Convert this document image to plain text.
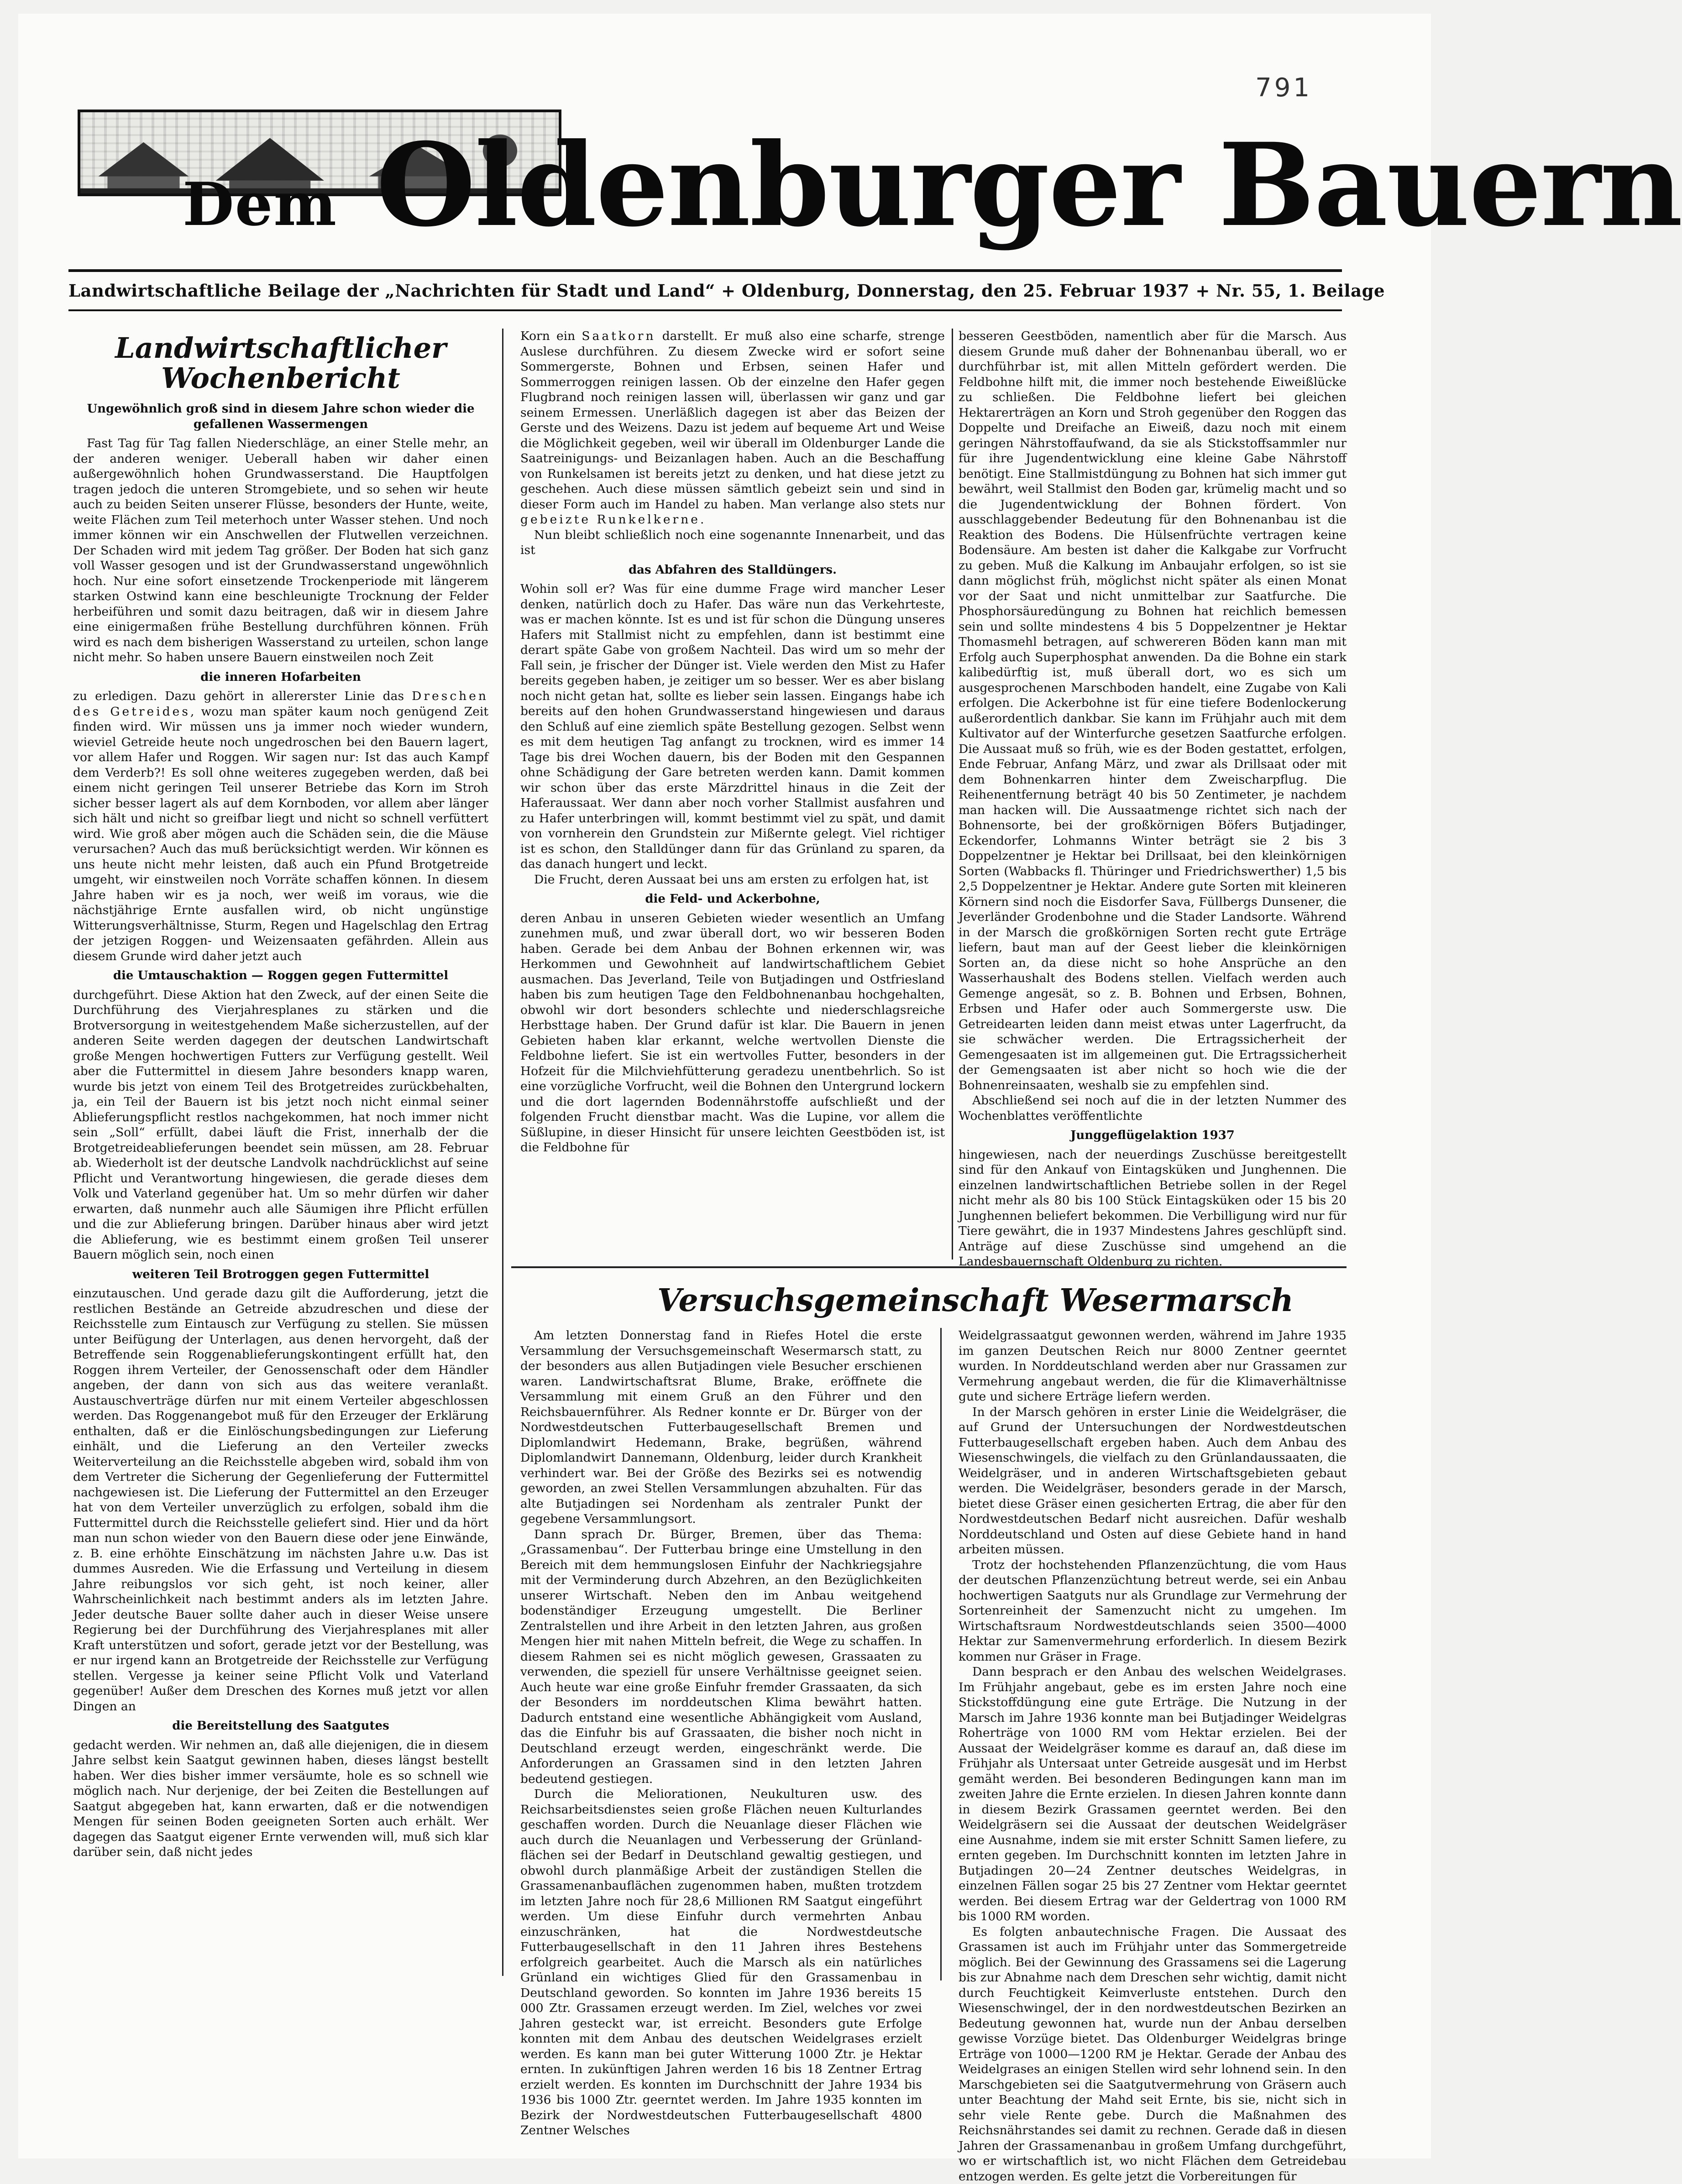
791
Dem Oldenburger Bauern
Landwirtschaftliche Beilage der „Nachrichten für Stadt und Land“ + Oldenburg, Donnerstag, den 25. Februar 1937 + Nr. 55, 1. Beilage
Landwirtschaftlicher Wochenbericht

Ungewöhnlich groß sind in diesem Jahre schon wieder die gefallenen Wassermengen

Fast Tag für Tag fallen Niederschläge, an einer Stelle mehr, an der anderen weniger. Ueberall haben wir daher einen außergewöhnlich hohen Grundwasserstand. Die Hauptfolgen tragen jedoch die unteren Stromgebiete, und so sehen wir heute auch zu beiden Seiten unserer Flüsse, besonders der Hunte, weite, weite Flächen zum Teil meterhoch unter Wasser stehen. Und noch immer können wir ein Anschwellen der Flutwellen verzeichnen. Der Schaden wird mit jedem Tag größer. Der Boden hat sich ganz voll Wasser gesogen und ist der Grundwasserstand ungewöhnlich hoch. Nur eine sofort einsetzende Trockenperiode mit längerem starken Ostwind kann eine beschleunigte Trocknung der Felder herbeiführen und somit dazu beitragen, daß wir in diesem Jahre eine einigermaßen frühe Bestellung durchführen können. Früh wird es nach dem bisherigen Wasserstand zu urteilen, schon lange nicht mehr. So haben unsere Bauern einstweilen noch Zeit

die inneren Hofarbeiten

zu erledigen. Dazu gehört in allererster Linie das Dreschen des Getreides, wozu man später kaum noch genügend Zeit finden wird. Wir müssen uns ja immer noch wieder wundern, wieviel Getreide heute noch ungedroschen bei den Bauern lagert, vor allem Hafer und Roggen. Wir sagen nur: Ist das auch Kampf dem Verderb?! Es soll ohne weiteres zugegeben werden, daß bei einem nicht geringen Teil unserer Betriebe das Korn im Stroh sicher besser lagert als auf dem Kornboden, vor allem aber länger sich hält und nicht so greifbar liegt und nicht so schnell verfüttert wird. Wie groß aber mögen auch die Schäden sein, die die Mäuse verursachen? Auch das muß berücksichtigt werden. Wir können es uns heute nicht mehr leisten, daß auch ein Pfund Brotgetreide umgeht, wir einstweilen noch Vorräte schaffen können. In diesem Jahre haben wir es ja noch, wer weiß im voraus, wie die nächstjährige Ernte ausfallen wird, ob nicht ungünstige Witterungsverhältnisse, Sturm, Regen und Hagelschlag den Ertrag der jetzigen Roggen- und Weizensaaten gefährden. Allein aus diesem Grunde wird daher jetzt auch

die Umtauschaktion — Roggen gegen Futtermittel

durchgeführt. Diese Aktion hat den Zweck, auf der einen Seite die Durchführung des Vierjahresplanes zu stärken und die Brotversorgung in weitestgehendem Maße sicherzustellen, auf der anderen Seite werden dagegen der deutschen Landwirtschaft große Mengen hochwertigen Futters zur Verfügung gestellt. Weil aber die Futtermittel in diesem Jahre besonders knapp waren, wurde bis jetzt von einem Teil des Brotgetreides zurückbehalten, ja, ein Teil der Bauern ist bis jetzt noch nicht einmal seiner Ablieferungspflicht restlos nachgekommen, hat noch immer nicht sein „Soll“ erfüllt, dabei läuft die Frist, innerhalb der die Brotgetreideablieferungen beendet sein müssen, am 28. Februar ab. Wiederholt ist der deutsche Landvolk nachdrücklichst auf seine Pflicht und Verantwortung hingewiesen, die gerade dieses dem Volk und Vaterland gegenüber hat. Um so mehr dürfen wir daher erwarten, daß nunmehr auch alle Säumigen ihre Pflicht erfüllen und die zur Ablieferung bringen. Darüber hinaus aber wird jetzt die Ablieferung, wie es bestimmt einem großen Teil unserer Bauern möglich sein, noch einen

weiteren Teil Brotroggen gegen Futtermittel

einzutauschen. Und gerade dazu gilt die Aufforderung, jetzt die restlichen Bestände an Getreide abzudreschen und diese der Reichsstelle zum Eintausch zur Verfügung zu stellen. Sie müssen unter Beifügung der Unterlagen, aus denen hervorgeht, daß der Betreffende sein Roggenablieferungskontingent erfüllt hat, den Roggen ihrem Verteiler, der Genossenschaft oder dem Händler angeben, der dann von sich aus das weitere veranlaßt. Austauschverträge dürfen nur mit einem Verteiler abgeschlossen werden. Das Roggenangebot muß für den Erzeuger der Erklärung enthalten, daß er die Einlöschungsbedingungen zur Lieferung einhält, und die Lieferung an den Verteiler zwecks Weiterverteilung an die Reichsstelle abgeben wird, sobald ihm von dem Vertreter die Sicherung der Gegenlieferung der Futtermittel nachgewiesen ist. Die Lieferung der Futtermittel an den Erzeuger hat von dem Verteiler unverzüglich zu erfolgen, sobald ihm die Futtermittel durch die Reichsstelle geliefert sind. Hier und da hört man nun schon wieder von den Bauern diese oder jene Einwände, z. B. eine erhöhte Einschätzung im nächsten Jahre u.w. Das ist dummes Ausreden. Wie die Erfassung und Verteilung in diesem Jahre reibungslos vor sich geht, ist noch keiner, aller Wahrscheinlichkeit nach bestimmt anders als im letzten Jahre. Jeder deutsche Bauer sollte daher auch in dieser Weise unsere Regierung bei der Durchführung des Vierjahresplanes mit aller Kraft unterstützen und sofort, gerade jetzt vor der Bestellung, was er nur irgend kann an Brotgetreide der Reichsstelle zur Verfügung stellen. Vergesse ja keiner seine Pflicht Volk und Vaterland gegenüber! Außer dem Dreschen des Kornes muß jetzt vor allen Dingen an

die Bereitstellung des Saatgutes

gedacht werden. Wir nehmen an, daß alle diejenigen, die in diesem Jahre selbst kein Saatgut gewinnen haben, dieses längst bestellt haben. Wer dies bisher immer versäumte, hole es so schnell wie möglich nach. Nur derjenige, der bei Zeiten die Bestellungen auf Saatgut abgegeben hat, kann erwarten, daß er die notwendigen Mengen für seinen Boden geeigneten Sorten auch erhält. Wer dagegen das Saatgut eigener Ernte verwenden will, muß sich klar darüber sein, daß nicht jedes

Korn ein Saatkorn darstellt. Er muß also eine scharfe, strenge Auslese durchführen. Zu diesem Zwecke wird er sofort seine Sommergerste, Bohnen und Erbsen, seinen Hafer und Sommerroggen reinigen lassen. Ob der einzelne den Hafer gegen Flugbrand noch reinigen lassen will, überlassen wir ganz und gar seinem Ermessen. Unerläßlich dagegen ist aber das Beizen der Gerste und des Weizens. Dazu ist jedem auf bequeme Art und Weise die Möglichkeit gegeben, weil wir überall im Oldenburger Lande die Saatreinigungs- und Beizanlagen haben. Auch an die Beschaffung von Runkelsamen ist bereits jetzt zu denken, und hat diese jetzt zu geschehen. Auch diese müssen sämtlich gebeizt sein und sind in dieser Form auch im Handel zu haben. Man verlange also stets nur gebeizte Runkelkerne.

Nun bleibt schließlich noch eine sogenannte Innenarbeit, und das ist

das Abfahren des Stalldüngers.

Wohin soll er? Was für eine dumme Frage wird mancher Leser denken, natürlich doch zu Hafer. Das wäre nun das Verkehrteste, was er machen könnte. Ist es und ist für schon die Düngung unseres Hafers mit Stallmist nicht zu empfehlen, dann ist bestimmt eine derart späte Gabe von großem Nachteil. Das wird um so mehr der Fall sein, je frischer der Dünger ist. Viele werden den Mist zu Hafer bereits gegeben haben, je zeitiger um so besser. Wer es aber bislang noch nicht getan hat, sollte es lieber sein lassen. Eingangs habe ich bereits auf den hohen Grundwasserstand hingewiesen und daraus den Schluß auf eine ziemlich späte Bestellung gezogen. Selbst wenn es mit dem heutigen Tag anfangt zu trocknen, wird es immer 14 Tage bis drei Wochen dauern, bis der Boden mit den Gespannen ohne Schädigung der Gare betreten werden kann. Damit kommen wir schon über das erste Märzdrittel hinaus in die Zeit der Haferaussaat. Wer dann aber noch vorher Stallmist ausfahren und zu Hafer unterbringen will, kommt bestimmt viel zu spät, und damit von vornherein den Grundstein zur Mißernte gelegt. Viel richtiger ist es schon, den Stalldünger dann für das Grünland zu sparen, da das danach hungert und leckt.

Die Frucht, deren Aussaat bei uns am ersten zu erfolgen hat, ist

die Feld- und Ackerbohne,

deren Anbau in unseren Gebieten wieder wesentlich an Umfang zunehmen muß, und zwar überall dort, wo wir besseren Boden haben. Gerade bei dem Anbau der Bohnen erkennen wir, was Herkommen und Gewohnheit auf landwirtschaftlichem Gebiet ausmachen. Das Jeverland, Teile von Butjadingen und Ostfriesland haben bis zum heutigen Tage den Feldbohnenanbau hochgehalten, obwohl wir dort besonders schlechte und niederschlagsreiche Herbsttage haben. Der Grund dafür ist klar. Die Bauern in jenen Gebieten haben klar erkannt, welche wertvollen Dienste die Feldbohne liefert. Sie ist ein wertvolles Futter, besonders in der Hofzeit für die Milchviehfütterung geradezu unentbehrlich. So ist eine vorzügliche Vorfrucht, weil die Bohnen den Untergrund lockern und die dort lagernden Bodennährstoffe aufschließt und der folgenden Frucht dienstbar macht. Was die Lupine, vor allem die Süßlupine, in dieser Hinsicht für unsere leichten Geestböden ist, ist die Feldbohne für

besseren Geestböden, namentlich aber für die Marsch. Aus diesem Grunde muß daher der Bohnenanbau überall, wo er durchführbar ist, mit allen Mitteln gefördert werden. Die Feldbohne hilft mit, die immer noch bestehende Eiweißlücke zu schließen. Die Feldbohne liefert bei gleichen Hektarerträgen an Korn und Stroh gegenüber den Roggen das Doppelte und Dreifache an Eiweiß, dazu noch mit einem geringen Nährstoffaufwand, da sie als Stickstoffsammler nur für ihre Jugendentwicklung eine kleine Gabe Nährstoff benötigt. Eine Stallmistdüngung zu Bohnen hat sich immer gut bewährt, weil Stallmist den Boden gar, krümelig macht und so die Jugendentwicklung der Bohnen fördert. Von ausschlaggebender Bedeutung für den Bohnenanbau ist die Reaktion des Bodens. Die Hülsenfrüchte vertragen keine Bodensäure. Am besten ist daher die Kalkgabe zur Vorfrucht zu geben. Muß die Kalkung im Anbaujahr erfolgen, so ist sie dann möglichst früh, möglichst nicht später als einen Monat vor der Saat und nicht unmittelbar zur Saatfurche. Die Phosphorsäuredüngung zu Bohnen hat reichlich bemessen sein und sollte mindestens 4 bis 5 Doppelzentner je Hektar Thomasmehl betragen, auf schwereren Böden kann man mit Erfolg auch Superphosphat anwenden. Da die Bohne ein stark kalibedürftig ist, muß überall dort, wo es sich um ausgesprochenen Marschboden handelt, eine Zugabe von Kali erfolgen. Die Ackerbohne ist für eine tiefere Bodenlockerung außerordentlich dankbar. Sie kann im Frühjahr auch mit dem Kultivator auf der Winterfurche gesetzen Saatfurche erfolgen. Die Aussaat muß so früh, wie es der Boden gestattet, erfolgen, Ende Februar, Anfang März, und zwar als Drillsaat oder mit dem Bohnenkarren hinter dem Zweischarpflug. Die Reihenentfernung beträgt 40 bis 50 Zentimeter, je nachdem man hacken will. Die Aussaatmenge richtet sich nach der Bohnensorte, bei der großkörnigen Böfers Butjadinger, Eckendorfer, Lohmanns Winter beträgt sie 2 bis 3 Doppelzentner je Hektar bei Drillsaat, bei den kleinkörnigen Sorten (Wabbacks fl. Thüringer und Friedrichswerther) 1,5 bis 2,5 Doppelzentner je Hektar. Andere gute Sorten mit kleineren Körnern sind noch die Eisdorfer Sava, Füllbergs Dunsener, die Jeverländer Grodenbohne und die Stader Landsorte. Während in der Marsch die großkörnigen Sorten recht gute Erträge liefern, baut man auf der Geest lieber die kleinkörnigen Sorten an, da diese nicht so hohe Ansprüche an den Wasserhaushalt des Bodens stellen. Vielfach werden auch Gemenge angesät, so z. B. Bohnen und Erbsen, Bohnen, Erbsen und Hafer oder auch Sommergerste usw. Die Getreidearten leiden dann meist etwas unter Lagerfrucht, da sie schwächer werden. Die Ertragssicherheit der Gemengesaaten ist im allgemeinen gut. Die Ertragssicherheit der Gemengsaaten ist aber nicht so hoch wie die der Bohnenreinsaaten, weshalb sie zu empfehlen sind.

Abschließend sei noch auf die in der letzten Nummer des Wochenblattes veröffentlichte

Junggeflügelaktion 1937

hingewiesen, nach der neuerdings Zuschüsse bereitgestellt sind für den Ankauf von Eintagsküken und Junghennen. Die einzelnen landwirtschaftlichen Betriebe sollen in der Regel nicht mehr als 80 bis 100 Stück Eintagsküken oder 15 bis 20 Junghennen beliefert bekommen. Die Verbilligung wird nur für Tiere gewährt, die in 1937 Mindestens Jahres geschlüpft sind. Anträge auf diese Zuschüsse sind umgehend an die Landesbauernschaft Oldenburg zu richten.

Versuchsgemeinschaft Wesermarsch

Am letzten Donnerstag fand in Riefes Hotel die erste Versammlung der Versuchsgemeinschaft Wesermarsch statt, zu der besonders aus allen Butjadingen viele Besucher erschienen waren. Landwirtschaftsrat Blume, Brake, eröffnete die Versammlung mit einem Gruß an den Führer und den Reichsbauernführer. Als Redner konnte er Dr. Bürger von der Nordwestdeutschen Futterbaugesellschaft Bremen und Diplomlandwirt Hedemann, Brake, begrüßen, während Diplomlandwirt Dannemann, Oldenburg, leider durch Krankheit verhindert war. Bei der Größe des Bezirks sei es notwendig geworden, an zwei Stellen Versammlungen abzuhalten. Für das alte Butjadingen sei Nordenham als zentraler Punkt der gegebene Versammlungsort.

Dann sprach Dr. Bürger, Bremen, über das Thema: „Grassamenbau“. Der Futterbau bringe eine Umstellung in den Bereich mit dem hemmungslosen Einfuhr der Nachkriegsjahre mit der Verminderung durch Abzehren, an den Bezüglichkeiten unserer Wirtschaft. Neben den im Anbau weitgehend bodenständiger Erzeugung umgestellt. Die Berliner Zentralstellen und ihre Arbeit in den letzten Jahren, aus großen Mengen hier mit nahen Mitteln befreit, die Wege zu schaffen. In diesem Rahmen sei es nicht möglich gewesen, Grassaaten zu verwenden, die speziell für unsere Verhältnisse geeignet seien. Auch heute war eine große Einfuhr fremder Grassaaten, da sich der Besonders im norddeutschen Klima bewährt hatten. Dadurch entstand eine wesentliche Abhängigkeit vom Ausland, das die Einfuhr bis auf Grassaaten, die bisher noch nicht in Deutschland erzeugt werden, eingeschränkt werde. Die Anforderungen an Grassamen sind in den letzten Jahren bedeutend gestiegen.

Durch die Meliorationen, Neukulturen usw. des Reichsarbeitsdienstes seien große Flächen neuen Kulturlandes geschaffen worden. Durch die Neuanlage dieser Flächen wie auch durch die Neuanlagen und Verbesserung der Grünland-flächen sei der Bedarf in Deutschland gewaltig gestiegen, und obwohl durch planmäßige Arbeit der zuständigen Stellen die Grassamenanbauflächen zugenommen haben, mußten trotzdem im letzten Jahre noch für 28,6 Millionen RM Saatgut eingeführt werden. Um diese Einfuhr durch vermehrten Anbau einzuschränken, hat die Nordwestdeutsche Futterbaugesellschaft in den 11 Jahren ihres Bestehens erfolgreich gearbeitet. Auch die Marsch als ein natürliches Grünland ein wichtiges Glied für den Grassamenbau in Deutschland geworden. So konnten im Jahre 1936 bereits 15 000 Ztr. Grassamen erzeugt werden. Im Ziel, welches vor zwei Jahren gesteckt war, ist erreicht. Besonders gute Erfolge konnten mit dem Anbau des deutschen Weidelgrases erzielt werden. Es kann man bei guter Witterung 1000 Ztr. je Hektar ernten. In zukünftigen Jahren werden 16 bis 18 Zentner Ertrag erzielt werden. Es konnten im Durchschnitt der Jahre 1934 bis 1936 bis 1000 Ztr. geerntet werden. Im Jahre 1935 konnten im Bezirk der Nordwestdeutschen Futterbaugesellschaft 4800 Zentner Welsches

Weidelgrassaatgut gewonnen werden, während im Jahre 1935 im ganzen Deutschen Reich nur 8000 Zentner geerntet wurden. In Norddeutschland werden aber nur Grassamen zur Vermehrung angebaut werden, die für die Klimaverhältnisse gute und sichere Erträge liefern werden.

In der Marsch gehören in erster Linie die Weidelgräser, die auf Grund der Untersuchungen der Nordwestdeutschen Futterbaugesellschaft ergeben haben. Auch dem Anbau des Wiesenschwingels, die vielfach zu den Grünlandaussaaten, die Weidelgräser, und in anderen Wirtschaftsgebieten gebaut werden. Die Weidelgräser, besonders gerade in der Marsch, bietet diese Gräser einen gesicherten Ertrag, die aber für den Nordwestdeutschen Bedarf nicht ausreichen. Dafür weshalb Norddeutschland und Osten auf diese Gebiete hand in hand arbeiten müssen.

Trotz der hochstehenden Pflanzenzüchtung, die vom Haus der deutschen Pflanzenzüchtung betreut werde, sei ein Anbau hochwertigen Saatguts nur als Grundlage zur Vermehrung der Sortenreinheit der Samenzucht nicht zu umgehen. Im Wirtschaftsraum Nordwestdeutschlands seien 3500—4000 Hektar zur Samenvermehrung erforderlich. In diesem Bezirk kommen nur Gräser in Frage.

Dann besprach er den Anbau des welschen Weidelgrases. Im Frühjahr angebaut, gebe es im ersten Jahre noch eine Stickstoffdüngung eine gute Erträge. Die Nutzung in der Marsch im Jahre 1936 konnte man bei Butjadinger Weidelgras Roherträge von 1000 RM vom Hektar erzielen. Bei der Aussaat der Weidelgräser komme es darauf an, daß diese im Frühjahr als Untersaat unter Getreide ausgesät und im Herbst gemäht werden. Bei besonderen Bedingungen kann man im zweiten Jahre die Ernte erzielen. In diesen Jahren konnte dann in diesem Bezirk Grassamen geerntet werden. Bei den Weidelgräsern sei die Aussaat der deutschen Weidelgräser eine Ausnahme, indem sie mit erster Schnitt Samen liefere, zu ernten gegeben. Im Durchschnitt konnten im letzten Jahre in Butjadingen 20—24 Zentner deutsches Weidelgras, in einzelnen Fällen sogar 25 bis 27 Zentner vom Hektar geerntet werden. Bei diesem Ertrag war der Geldertrag von 1000 RM bis 1000 RM worden.

Es folgten anbautechnische Fragen. Die Aussaat des Grassamen ist auch im Frühjahr unter das Sommergetreide möglich. Bei der Gewinnung des Grassamens sei die Lagerung bis zur Abnahme nach dem Dreschen sehr wichtig, damit nicht durch Feuchtigkeit Keimverluste entstehen. Durch den Wiesenschwingel, der in den nordwestdeutschen Bezirken an Bedeutung gewonnen hat, wurde nun der Anbau derselben gewisse Vorzüge bietet. Das Oldenburger Weidelgras bringe Erträge von 1000—1200 RM je Hektar. Gerade der Anbau des Weidelgrases an einigen Stellen wird sehr lohnend sein. In den Marschgebieten sei die Saatgutvermehrung von Gräsern auch unter Beachtung der Mahd seit Ernte, bis sie, nicht sich in sehr viele Rente gebe. Durch die Maßnahmen des Reichsnährstandes sei damit zu rechnen. Gerade daß in diesen Jahren der Grassamenanbau in großem Umfang durchgeführt, wo er wirtschaftlich ist, wo nicht Flächen dem Getreidebau entzogen werden. Es gelte jetzt die Vorbereitungen für
